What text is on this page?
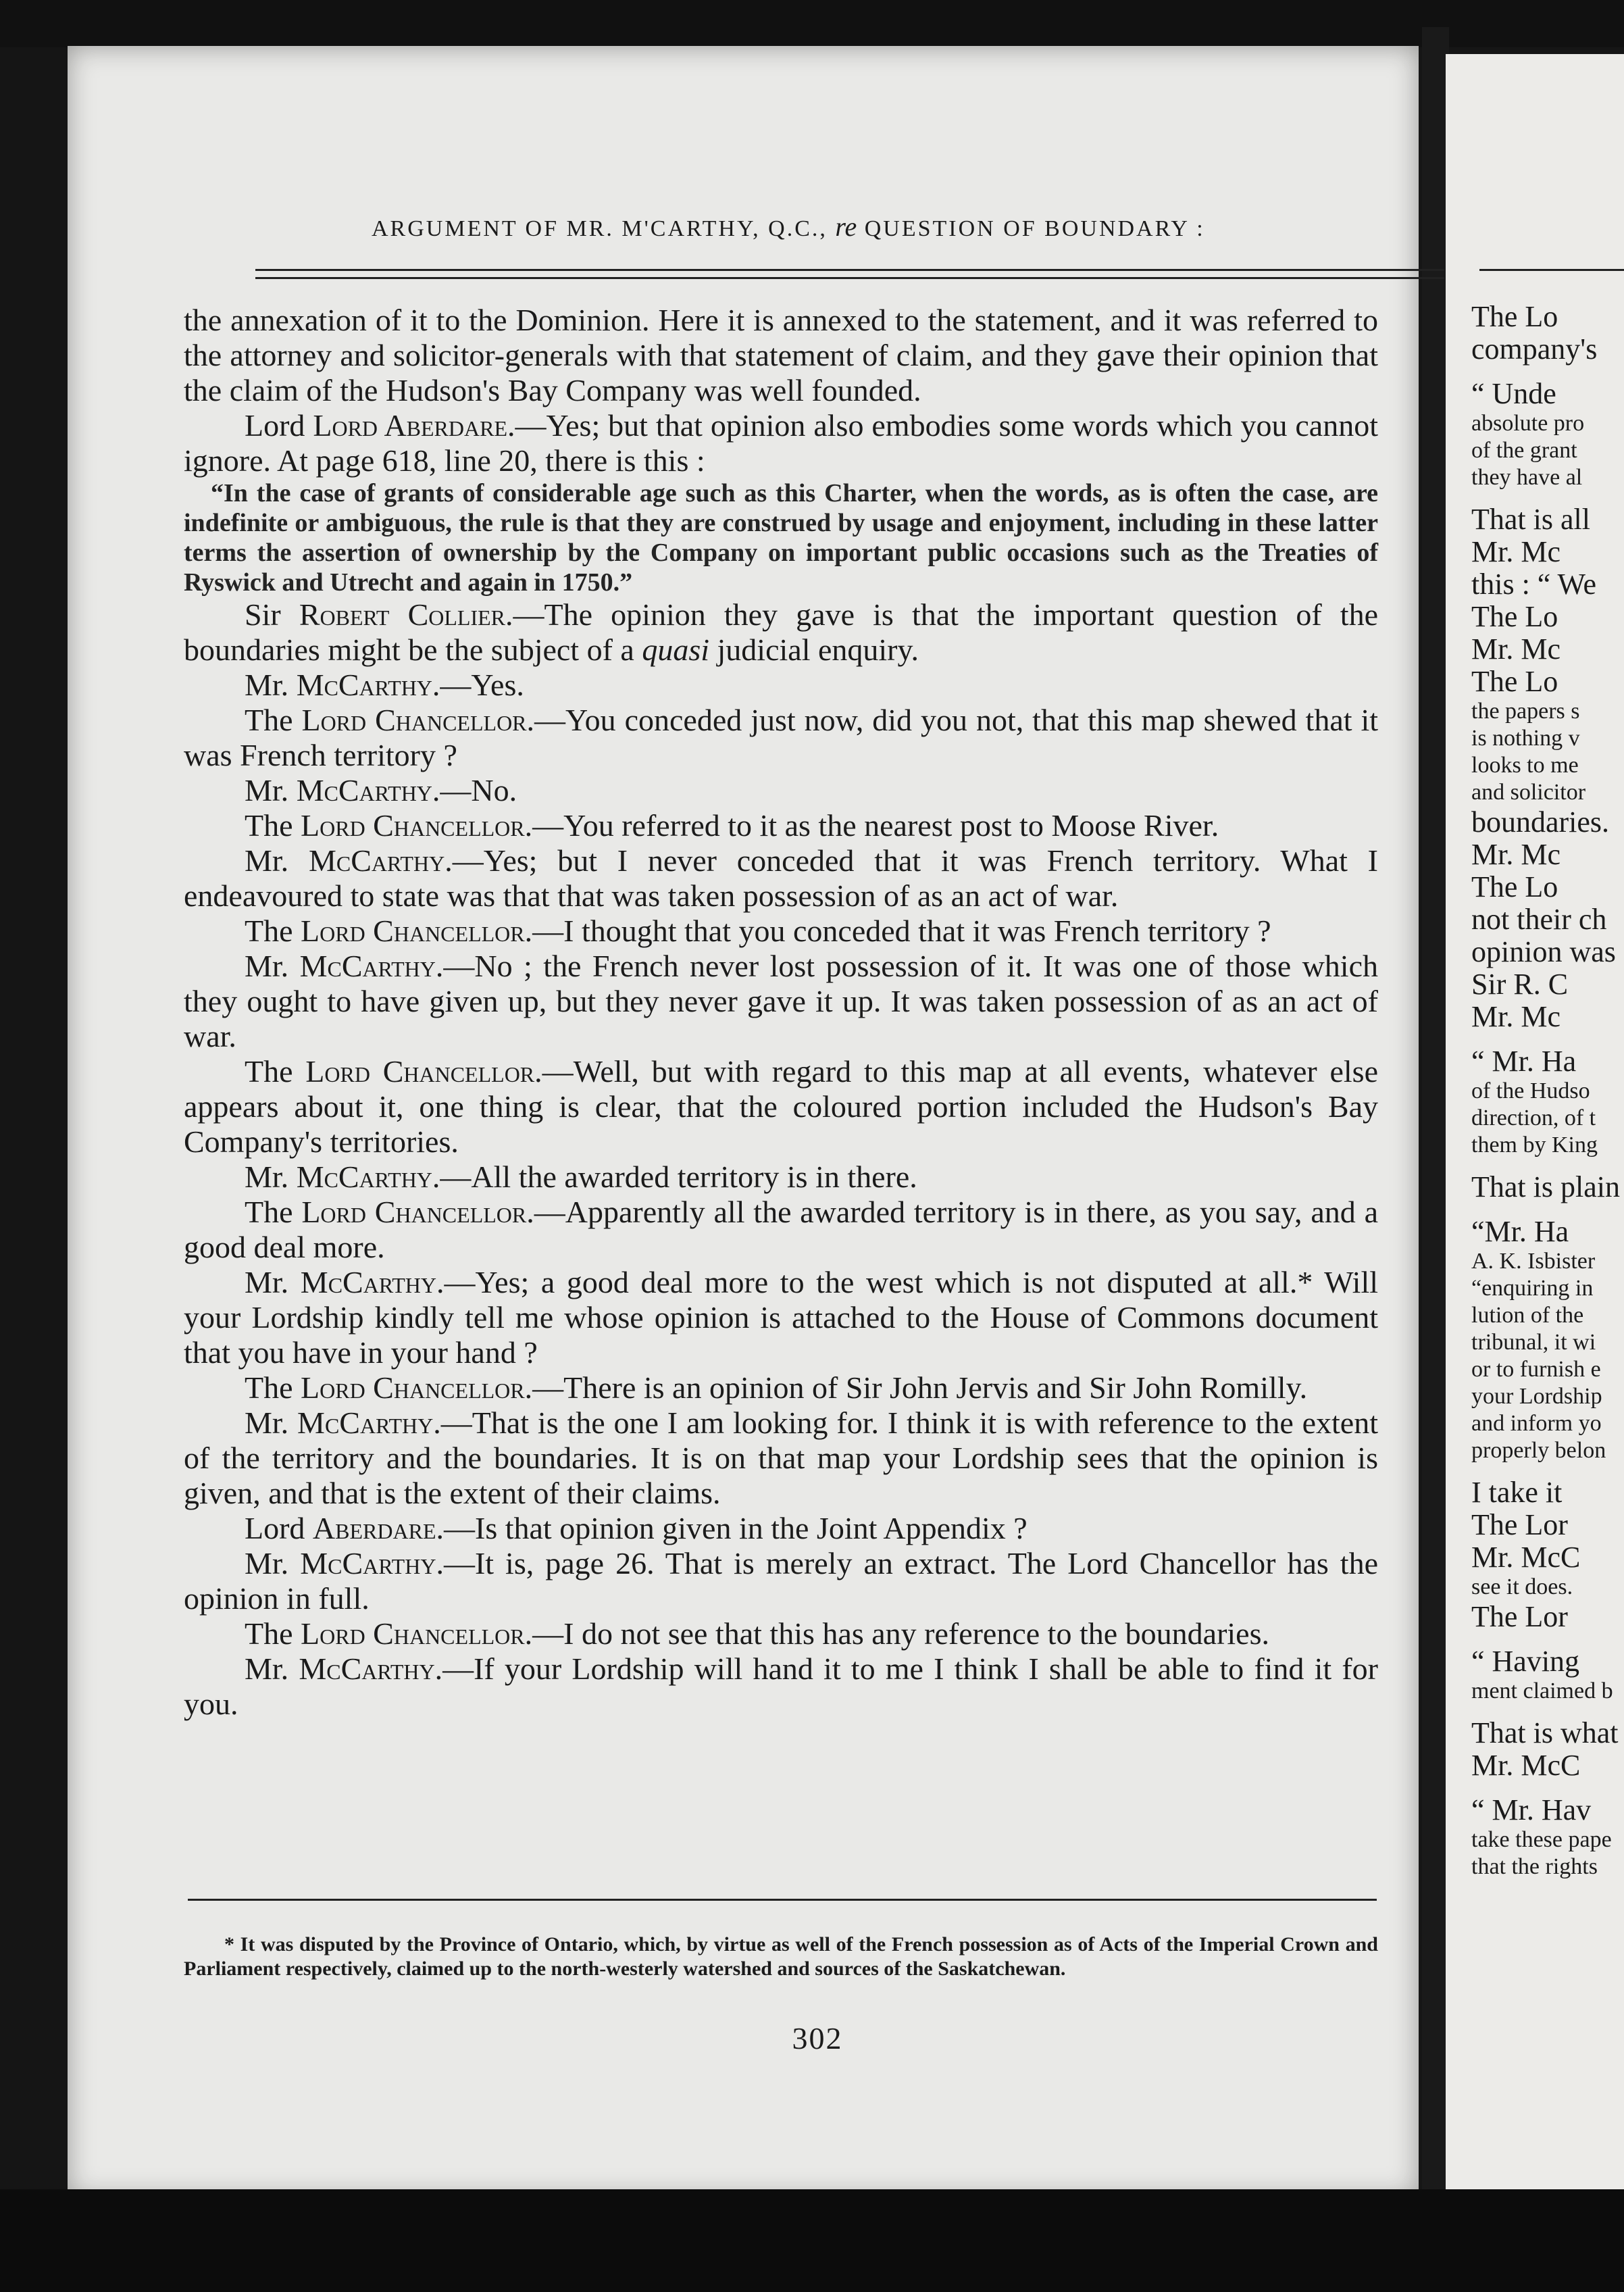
ARGUMENT OF MR. M'CARTHY, Q.C., re QUESTION OF BOUNDARY :

the annexation of it to the Dominion. Here it is annexed to the statement, and it was referred to the attorney and solicitor-generals with that statement of claim, and they gave their opinion that the claim of the Hudson's Bay Company was well founded.

Lord Lord Aberdare.—Yes; but that opinion also embodies some words which you cannot ignore. At page 618, line 20, there is this :

“In the case of grants of considerable age such as this Charter, when the words, as is often the case, are indefinite or ambiguous, the rule is that they are construed by usage and enjoyment, including in these latter terms the assertion of ownership by the Company on important public occasions such as the Treaties of Ryswick and Utrecht and again in 1750.”

Sir Robert Collier.—The opinion they gave is that the important question of the boundaries might be the subject of a quasi judicial enquiry.

Mr. McCarthy.—Yes.

The Lord Chancellor.—You conceded just now, did you not, that this map shewed that it was French territory ?

Mr. McCarthy.—No.

The Lord Chancellor.—You referred to it as the nearest post to Moose River.

Mr. McCarthy.—Yes; but I never conceded that it was French territory. What I endeavoured to state was that that was taken possession of as an act of war.

The Lord Chancellor.—I thought that you conceded that it was French territory ?

Mr. McCarthy.—No ; the French never lost possession of it. It was one of those which they ought to have given up, but they never gave it up. It was taken possession of as an act of war.

The Lord Chancellor.—Well, but with regard to this map at all events, whatever else appears about it, one thing is clear, that the coloured portion included the Hudson's Bay Company's territories.

Mr. McCarthy.—All the awarded territory is in there.

The Lord Chancellor.—Apparently all the awarded territory is in there, as you say, and a good deal more.

Mr. McCarthy.—Yes; a good deal more to the west which is not disputed at all.* Will your Lordship kindly tell me whose opinion is attached to the House of Commons document that you have in your hand ?

The Lord Chancellor.—There is an opinion of Sir John Jervis and Sir John Romilly.

Mr. McCarthy.—That is the one I am looking for. I think it is with reference to the extent of the territory and the boundaries. It is on that map your Lordship sees that the opinion is given, and that is the extent of their claims.

Lord Aberdare.—Is that opinion given in the Joint Appendix ?

Mr. McCarthy.—It is, page 26. That is merely an extract. The Lord Chancellor has the opinion in full.

The Lord Chancellor.—I do not see that this has any reference to the boundaries.

Mr. McCarthy.—If your Lordship will hand it to me I think I shall be able to find it for you.

* It was disputed by the Province of Ontario, which, by virtue as well of the French possession as of Acts of the Imperial Crown and Parliament respectively, claimed up to the north-westerly watershed and sources of the Saskatchewan.

302
The Lo
company's
“ Unde
absolute pro
of the grant
they have al
That is all
Mr. Mc
this : “ We
The Lo
Mr. Mc
The Lo
the papers s
is nothing v
looks to me
and solicitor
boundaries.
Mr. Mc
The Lo
not their ch
opinion was
Sir R. C
Mr. Mc
“ Mr. Ha
of the Hudso
direction, of t
them by King
That is plain
“Mr. Ha
A. K. Isbister
“enquiring in
lution of the
tribunal, it wi
or to furnish e
your Lordship
and inform yo
properly belon
I take it
The Lor
Mr. McC
see it does.
The Lor
“ Having
ment claimed b
That is what
Mr. McC
“ Mr. Hav
take these pape
that the rights
